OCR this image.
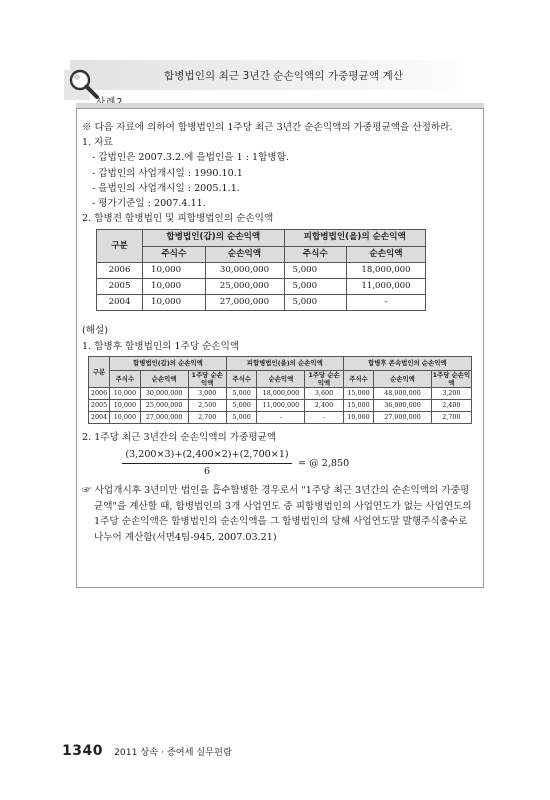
합병법인의 최근 3년간 순손익액의 가중평균액 계산
※ 다음 자료에 의하여 합병법인의 1주당 최근 3년간 순손익액의 가중평균액을 산정하라.
1. 자료
- 갑법인은 2007.3.2.에 을법인을 1 : 1합병함.
- 갑법인의 사업개시일 : 1990.10.1
- 을법인의 사업개시일 : 2005.1.1.
- 평가기준일 : 2007.4.11.
2. 합병전 합병법인 및 피합병법인의 순손익액
구분	합병법인(갑)의 순손익액		피합병법인(을)의 순손익액	
	주식수	순손익액	주식수	순손익액
2006	10,000	30,000,000	5,000	18,000,000
2005	10,000	25,000,000	5,000	11,000,000
2004	10,000	27,000,000	5,000	-
(해설)
1. 합병후 합병법인의 1주당 순손익액
구분	합병법인(갑)의 순손익액			피합병법인(을)의 순손익액			합병후 존속법인의 순손익액		
	주식수	순손익액	1주당 순손익액	주식수	순손익액	1주당 순손익액	주식수	순손익액	1주당 순손익액
2006	10,000	30,000,000	3,000	5,000	18,000,000	3,600	15,000	48,000,000	3,200
2005	10,000	25,000,000	2,500	5,000	11,000,000	2,400	15,000	36,000,000	2,400
2004	10,000	27,000,000	2,700	5,000	-	-	10,000	27,000,000	2,700
2. 1주당 최근 3년간의 순손익액의 가중평균액
(3,200×3)+(2,400×2)+(2,700×1)
6
= @ 2,850
☞ 사업개시후 3년미만 법인을 흡수합병한 경우로서 "1주당 최근 3년간의 순손익액의 가중평균액"을 계산할 때, 합병법인의 3개 사업연도 중 피합병법인의 사업연도가 없는 사업연도의 1주당 순손익액은 합병법인의 순손익액을 그 합병법인의 당해 사업연도말 발행주식총수로 나누어 계산함(서면4팀-945, 2007.03.21)
1340 2011 상속 · 증여세 실무편람
